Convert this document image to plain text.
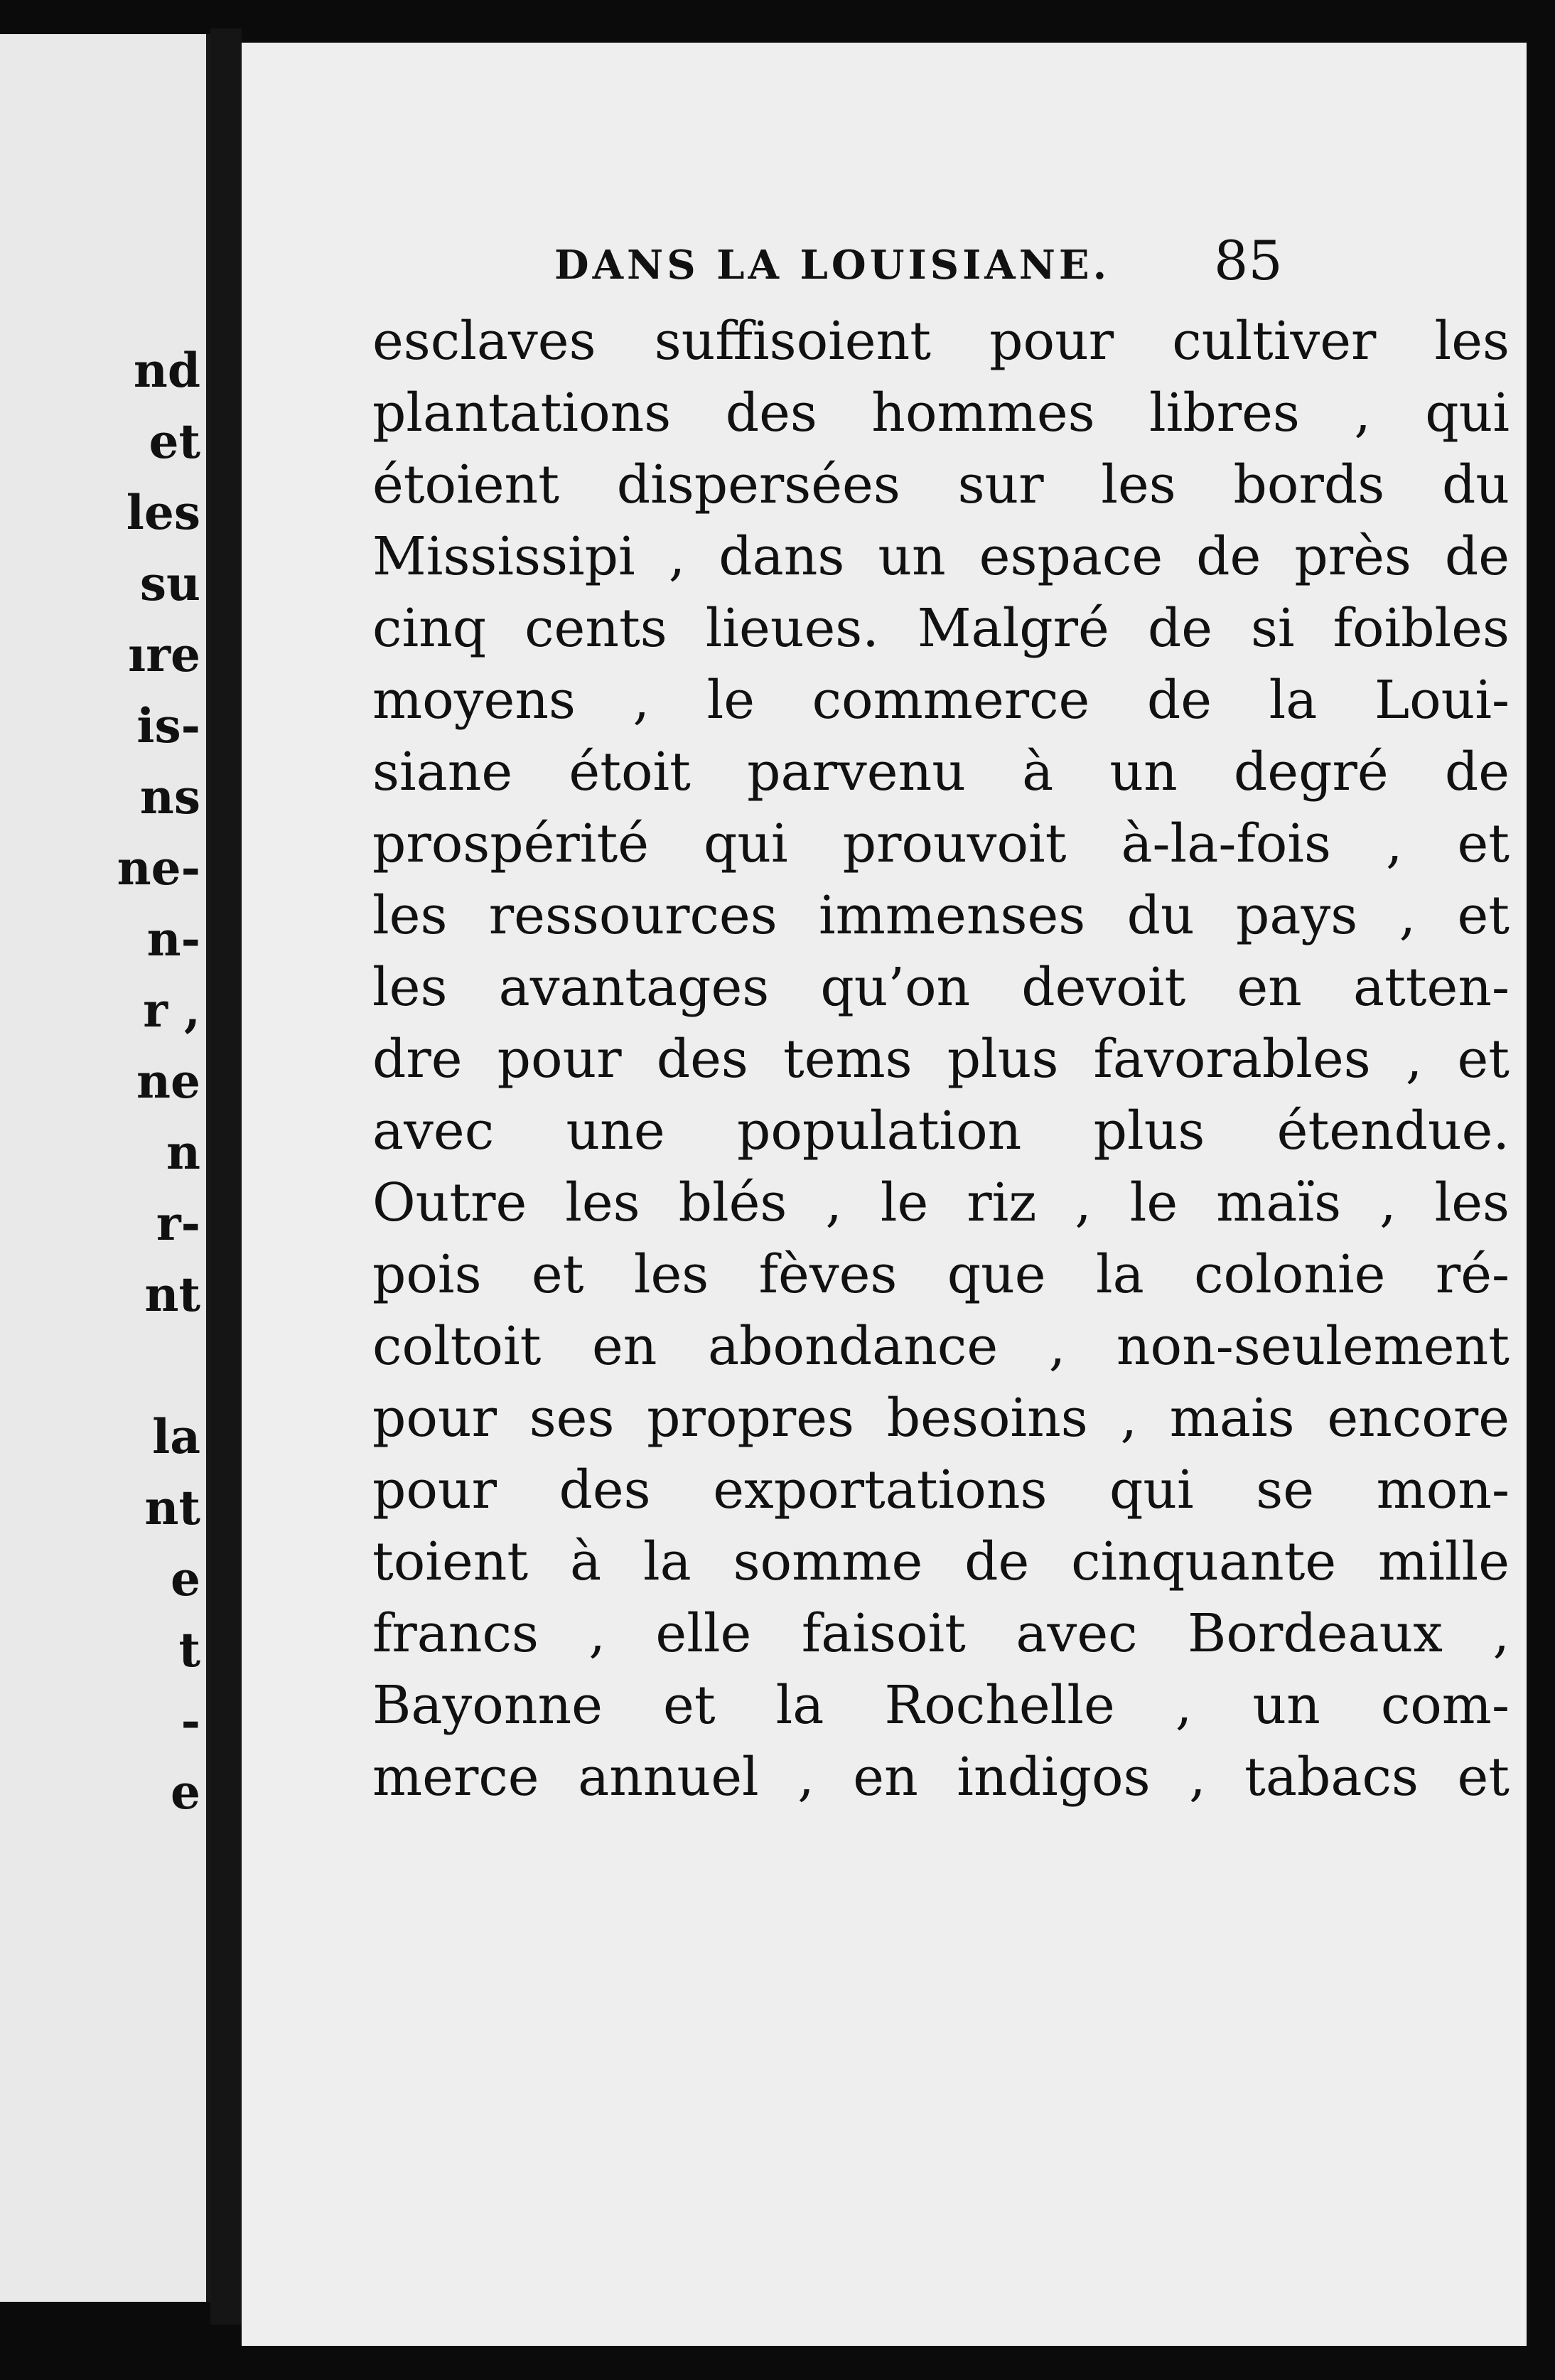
nd
et
les
su
ıre
is-
ns
ne-
n-
r ,
ne
n
r-
nt
la
nt
e
t
-
e
DANS LA LOUISIANE. 85
esclaves suffisoient pour cultiver les
plantations des hommes libres , qui
étoient dispersées sur les bords du
Mississipi , dans un espace de près de
cinq cents lieues. Malgré de si foibles
moyens , le commerce de la Loui-
siane étoit parvenu à un degré de
prospérité qui prouvoit à-la-fois , et
les ressources immenses du pays , et
les avantages qu’on devoit en atten-
dre pour des tems plus favorables , et
avec une population plus étendue.
Outre les blés , le riz , le maïs , les
pois et les fèves que la colonie ré-
coltoit en abondance , non-seulement
pour ses propres besoins , mais encore
pour des exportations qui se mon-
toient à la somme de cinquante mille
francs , elle faisoit avec Bordeaux ,
Bayonne et la Rochelle , un com-
merce annuel , en indigos , tabacs et
